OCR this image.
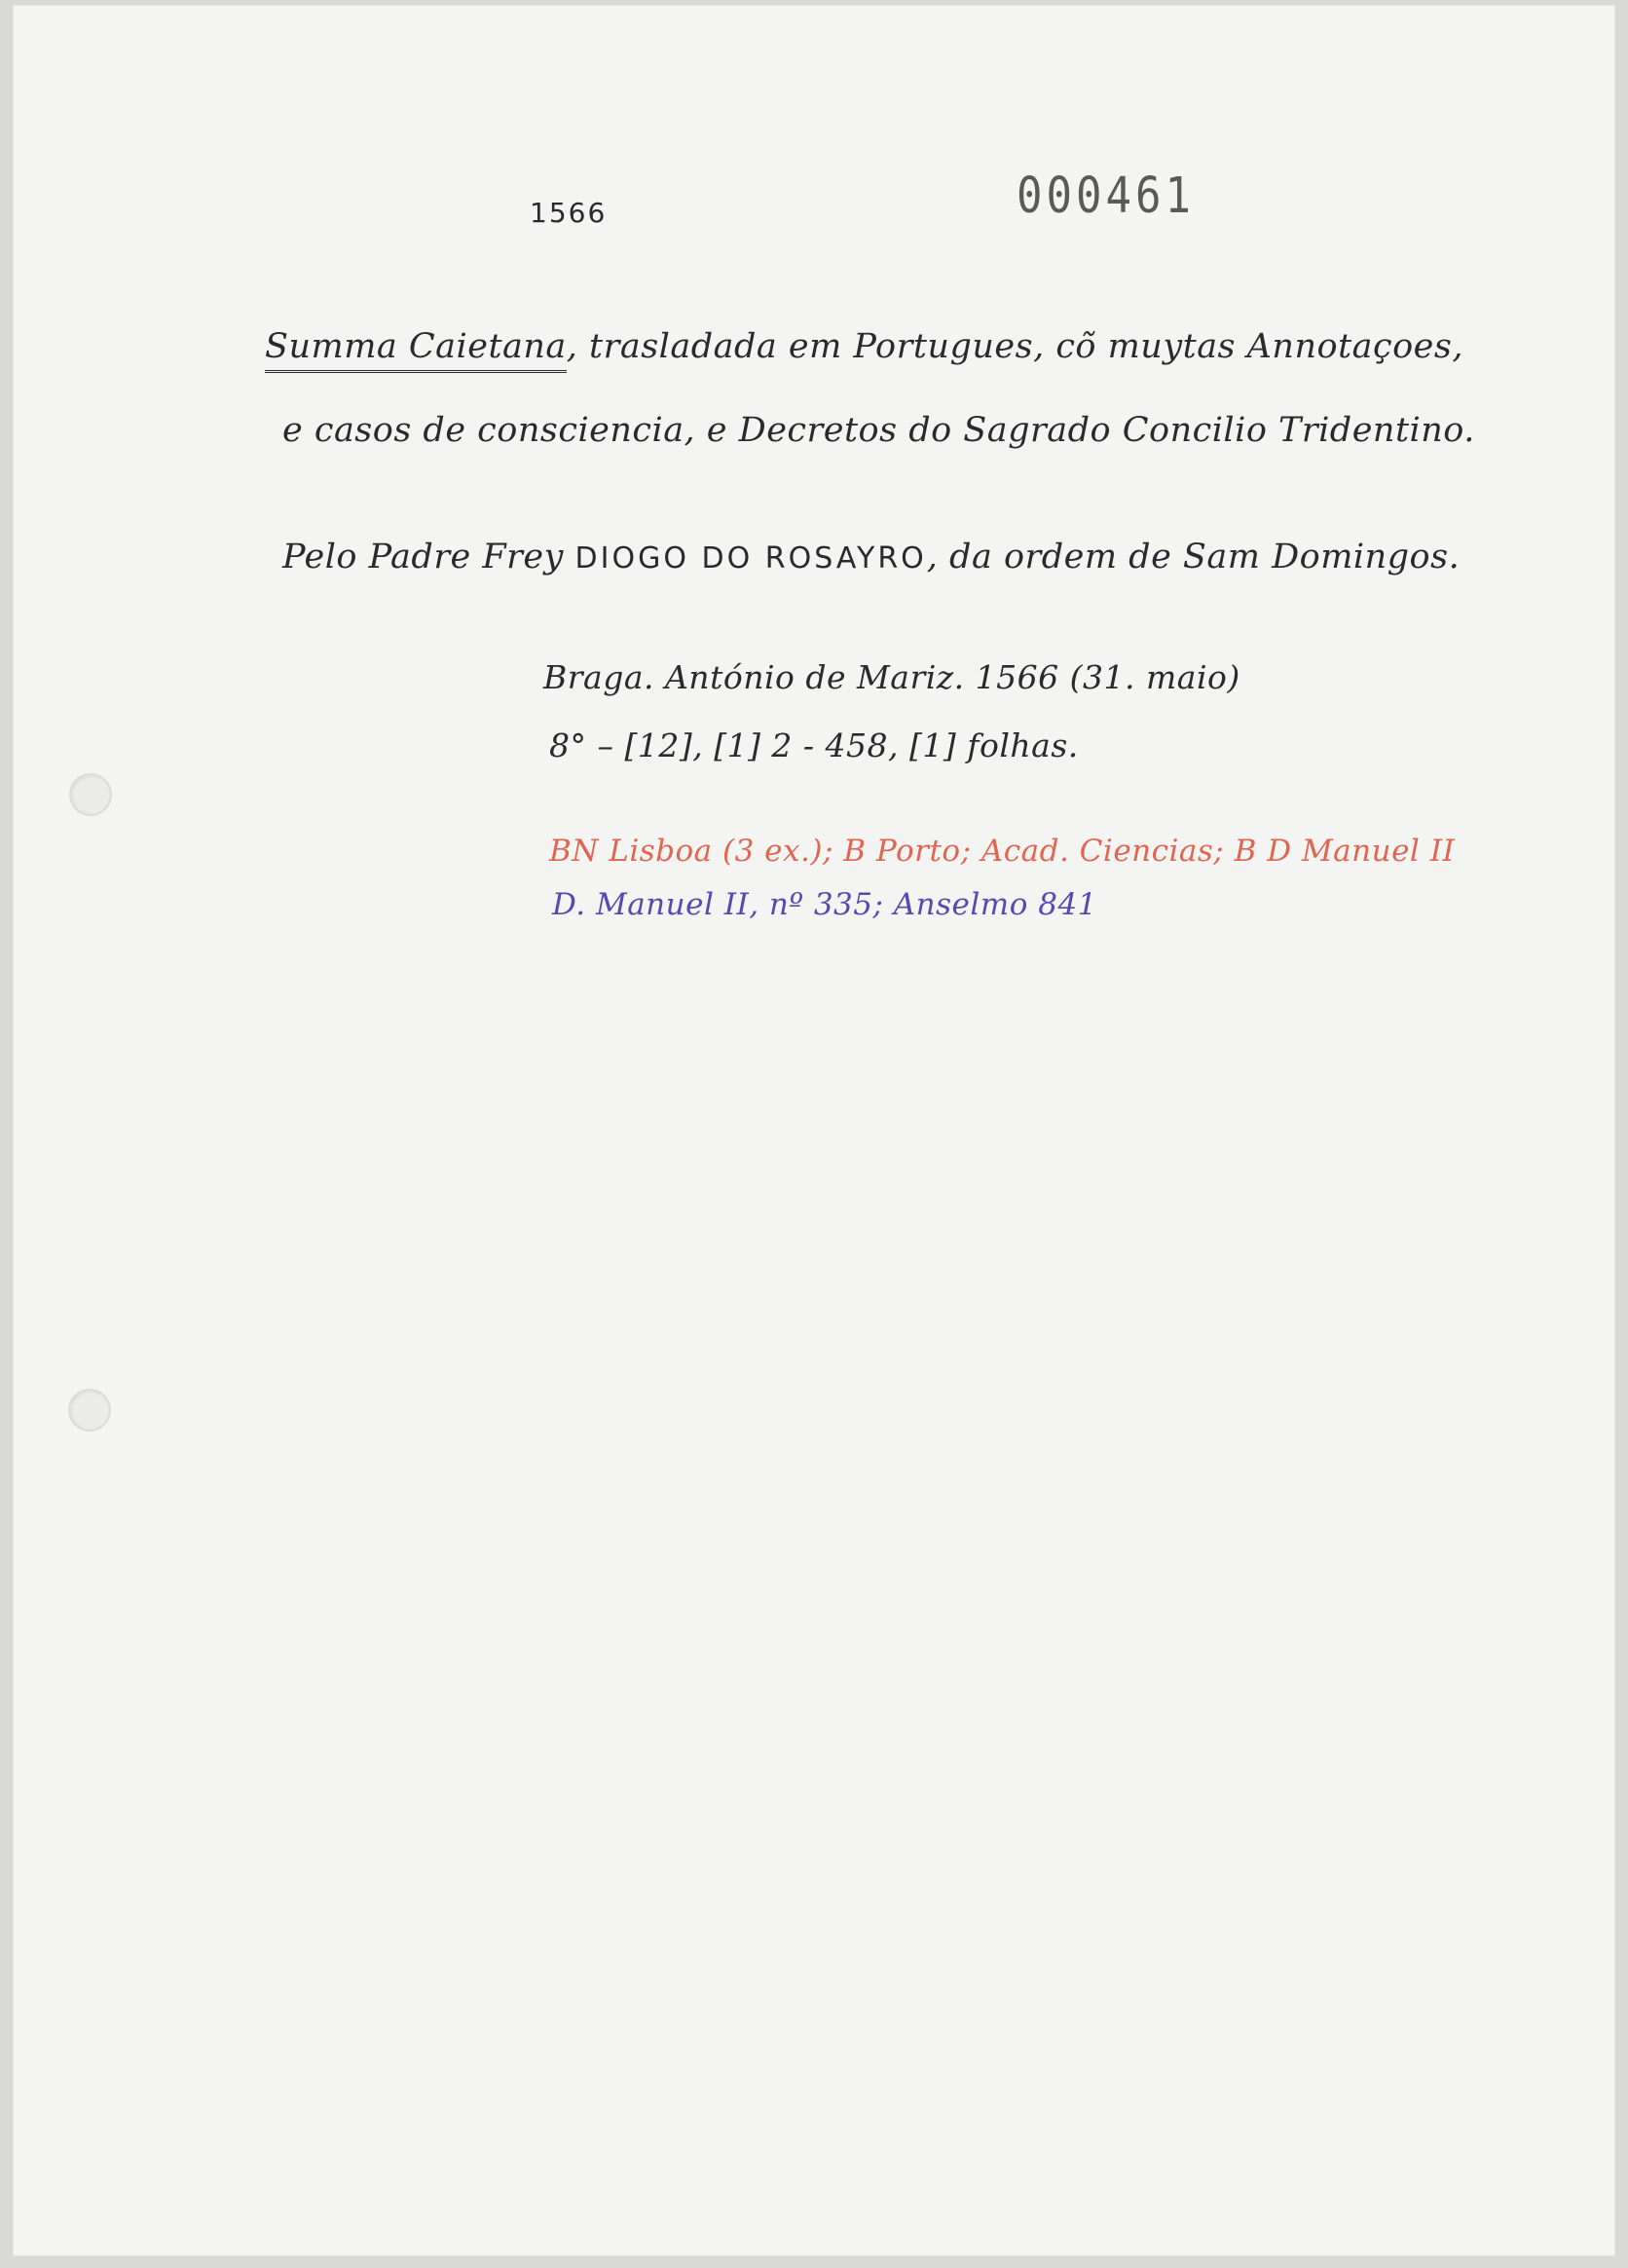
1566	000461
Summa Caietana, trasladada em Portugues, cõ muytas Annotaçoes,
e casos de consciencia, e Decretos do Sagrado Concilio Tridentino.
Pelo Padre Frey DIOGO DO ROSAYRO, da ordem de Sam Domingos.
Braga. António de Mariz. 1566 (31. maio)
8° – [12], [1] 2 - 458, [1] folhas.
BN Lisboa (3 ex.); B Porto; Acad. Ciencias; B D Manuel II
D. Manuel II, nº 335; Anselmo 841
